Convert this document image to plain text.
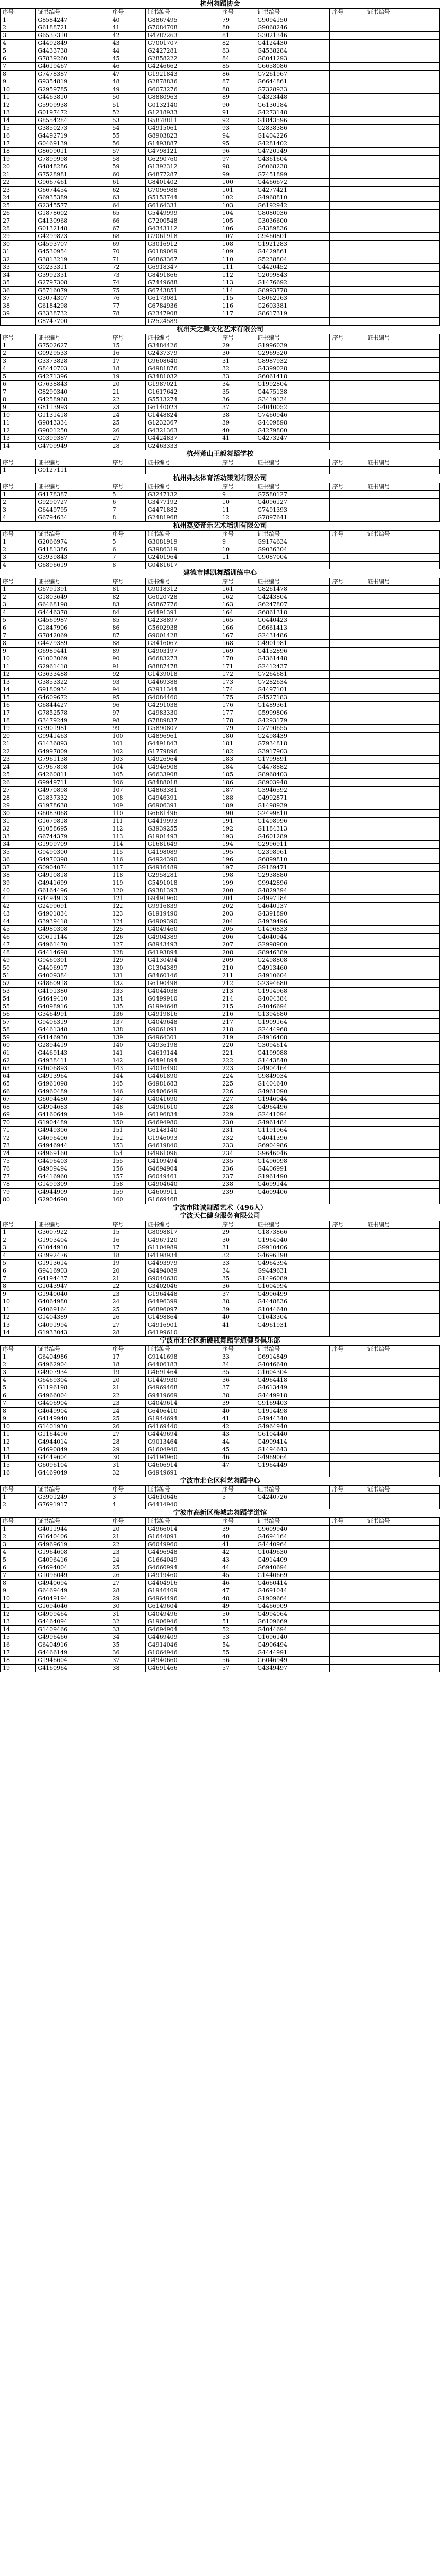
杭州舞蹈协会
序号	证书编号	序号	证书编号	序号	证书编号	序号	证书编号
1	G8584247	40	G8867495	79	G9094150		
2	G6188721	41	G7084708	80	G9068246		
3	G6537310	42	G4787263	81	G3021346		
4	G4492849	43	G7001707	82	G4124430		
5	G4433738	44	G2427281	83	G4538284		
6	G7839260	45	G2858222	84	G8041293		
7	G4619467	46	G4246662	85	G6658086		
8	G7478387	47	G1921843	86	G7261967		
9	G9354819	48	G2878836	87	G6644861		
10	G2959785	49	G6073276	88	G7328933		
11	G4463810	50	G8880963	89	G4323448		
12	G5909938	51	G0132140	90	G6130184		
13	G0197472	52	G1218933	91	G4273148		
14	G8554284	53	G5878811	92	G1843596		
15	G3850273	54	G4915061	93	G2838386		
16	G4492719	55	G8903823	94	G1404226		
17	G0469139	56	G1493887	95	G4281402		
18	G8609011	57	G4798121	96	G4720149		
19	G7899998	58	G6290760	97	G4361604		
20	G4848286	59	G1392312	98	G6068238		
21	G7528981	60	G4877287	99	G7451899		
22	G9667461	61	G8401402	100	G4466672		
23	G6674454	62	G7096988	101	G4277421		
24	G6935389	63	G5153744	102	G4968810		
25	G2345577	64	G6164331	103	G6192942		
26	G1878602	65	G5449999	104	G8080036		
27	G4130968	66	G7200548	105	G3036600		
28	G0132148	67	G4343112	106	G4389836		
29	G4299823	68	G7061918	107	G9460801		
30	G4593707	69	G3016912	108	G1921283		
31	G4530954	70	G0189069	109	G4429861		
32	G3813219	71	G6863367	110	G5238804		
33	G0233311	72	G6918347	111	G4420452		
34	G3992331	73	G8491866	112	G2099843		
35	G2797308	74	G7449688	113	G1476692		
36	G5716079	75	G6743851	114	G8993778		
37	G3074307	76	G6173081	115	G8062163		
38	G6184298	77	G6784936	116	G2603381		
39	G3338732	78	G2347908	117	G8617319		
	G8747700		G2524589				
杭州天之舞文化艺术有限公司
序号	证书编号	序号	证书编号	序号	证书编号	序号	证书编号
1	G7502627	15	G3484426	29	G1996039		
2	G0929533	16	G2437379	30	G2969520		
3	G3373828	17	G9608640	31	G8987932		
4	G8440703	18	G4981876	32	G4399028		
5	G4271396	19	G3481032	33	G6061418		
6	G7638843	20	G1987021	34	G1992804		
7	G8290340	21	G1617642	35	G4475138		
8	G4258968	22	G5513274	36	G3419134		
9	G8113993	23	G6140023	37	G4040052		
10	G1131418	24	G1448824	38	G7460946		
11	G9843334	25	G1232367	39	G4409898		
12	G9001250	26	G4321363	40	G4279800		
13	G0399387	27	G4424837	41	G4273247		
14	G4709949	28	G2463333				
杭州萧山王毅舞蹈学校
序号	证书编号	序号	证书编号	序号	证书编号	序号	证书编号
1	G0127111						
杭州弗杰体育活动策划有限公司
序号	证书编号	序号	证书编号	序号	证书编号	序号	证书编号
1	G4178387	5	G3247132	9	G7580127		
2	G9290727	6	G3477192	10	G4096127		
3	G6449795	7	G4471882	11	G7491393		
4	G6794634	8	G2481968	12	G7897641		
杭州荔姿奇乐艺术培训有限公司
序号	证书编号	序号	证书编号	序号	证书编号	序号	证书编号
1	G2066974	5	G3081919	9	G9174634		
2	G4181386	6	G3986319	10	G9036304		
3	G3939843	7	G2401964	11	G9087004		
4	G6896619	8	G0481617				
建德市博凯舞蹈训练中心
序号	证书编号	序号	证书编号	序号	证书编号	序号	证书编号
1	G6791391	81	G9018312	161	G8261478		
2	G1803649	82	G6020728	162	G4243804		
3	G6468198	83	G5867776	163	G6247807		
4	G4446378	84	G4491391	164	G6861318		
5	G4569987	85	G4238897	165	G0440423		
6	G1847906	86	G5602938	166	G6661413		
7	G7842069	87	G9001428	167	G2431486		
8	G4429389	88	G3416067	168	G4901981		
9	G6989441	89	G4903197	169	G4152896		
10	G1003069	90	G6683273	170	G4361448		
11	G2961418	91	G8887478	171	G2412437		
12	G3633488	92	G1439018	172	G7264681		
13	G3853322	93	G4469388	173	G7282634		
14	G9180934	94	G2911344	174	G4497101		
15	G4609672	95	G4084460	175	G4527183		
16	G6844427	96	G4291038	176	G1489361		
17	G7852578	97	G4983330	177	G5999806		
18	G3479249	98	G7889837	178	G4293179		
19	G3901981	99	G5890807	179	G7790655		
20	G9941463	100	G4896961	180	G2498439		
21	G1436893	101	G4491843	181	G7934818		
22	G4997809	102	G1779896	182	G3917903		
23	G7961138	103	G4926964	183	G1799891		
24	G7967898	104	G4946908	184	G4478882		
25	G4260811	105	G6633908	185	G8968403		
26	G9949711	106	G8488018	186	G8903948		
27	G4970898	107	G4863381	187	G3946592		
28	G1837332	108	G4946391	188	G4992871		
29	G1978638	109	G6906391	189	G1498939		
30	G6083068	110	G6681496	190	G2499810		
31	G1679818	111	G4419993	191	G1498996		
32	G1058695	112	G3939255	192	G1184313		
33	G6744379	113	G1901493	193	G4601289		
34	G1909709	114	G1681649	194	G2996911		
35	G9490300	115	G4198089	195	G2398961		
36	G4970398	116	G4924390	196	G6899810		
37	G0904074	117	G4916489	197	G9169471		
38	G4910818	118	G2958281	198	G2938880		
39	G4941699	119	G5491018	199	G9942896		
40	G6164496	120	G9381393	200	G4829394		
41	G4494913	121	G9491960	201	G4997184		
42	G2499691	122	G9916839	202	G4640137		
43	G4901834	123	G1919490	203	G4391890		
44	G3939418	124	G4909390	204	G4939496		
45	G4980308	125	G4049460	205	G1496833		
46	G0611144	126	G4904389	206	G4640944		
47	G4961470	127	G8943493	207	G2998900		
48	G4414698	128	G4193894	208	G8946389		
49	G9460301	129	G4130494	209	G2498808		
50	G4406917	130	G1304389	210	G4913460		
51	G4009384	131	G8460146	211	G4910604		
52	G4860918	132	G6190498	212	G2394680		
53	G4191380	133	G4044038	213	G1914968		
54	G4649410	134	G0499910	214	G4004384		
55	G4098916	135	G1994648	215	G4046694		
56	G3464991	136	G4919816	216	G1394680		
57	G9406319	137	G4049648	217	G1909164		
58	G4461348	138	G9061091	218	G2444968		
59	G4146930	139	G4964301	219	G4916408		
60	G2894419	140	G4936198	220	G3094614		
61	G4469143	141	G4619144	221	G4199088		
62	G4938411	142	G4491894	222	G1443840		
63	G4606893	143	G4016490	223	G4904464		
64	G4913964	144	G4461890	224	G9849034		
65	G4961098	145	G4981683	225	G1404640		
66	G4960489	146	G9406649	226	G4961090		
67	G6094480	147	G4041690	227	G1946044		
68	G4904683	148	G4961610	228	G4964496		
69	G4160649	149	G6196834	229	G2441094		
70	G1904489	150	G4694980	230	G4961484		
71	G4949306	151	G6148140	231	G1191964		
72	G4696406	152	G1946093	232	G4041396		
73	G4946944	153	G4619840	233	G6904986		
74	G4969160	154	G4961096	234	G9646046		
75	G4496403	155	G4109494	235	G1496098		
76	G4909494	156	G4694904	236	G4406991		
77	G4416960	157	G6049461	237	G1961490		
78	G1499309	158	G4904640	238	G4699144		
79	G4944909	159	G4609911	239	G4609406		
80	G2904690	160	G1669468				
宁波市陆诚舞蹈艺术（496人）
宁波天仁健身服务有限公司
序号	证书编号	序号	证书编号	序号	证书编号	序号	证书编号
1	G3607922	15	G8098817	29	G1873866		
2	G1903404	16	G4967120	30	G1964040		
3	G1044910	17	G1104989	31	G9910406		
4	G3992476	18	G4198934	32	G4696190		
5	G1913614	19	G4493979	33	G4964394		
6	G9416903	20	G4494089	34	G9449631		
7	G4194437	21	G9040630	35	G1496089		
8	G1043947	22	G3402046	36	G1604994		
9	G1940040	23	G1964448	37	G4906499		
10	G4064980	24	G4496399	38	G4448836		
11	G4069164	25	G6896097	39	G1044640		
12	G1404389	26	G1498864	40	G1643304		
13	G4091994	27	G4916901	41	G4961931		
14	G1933043	28	G4199610				
宁波市北仑区新硬瓶舞蹈学道健身俱乐部
序号	证书编号	序号	证书编号	序号	证书编号	序号	证书编号
1	G6404986	17	G9141698	33	G6914849		
2	G4962904	18	G4406183	34	G4046640		
3	G4907934	19	G4691464	35	G1604304		
4	G6469304	20	G1449930	36	G4964418		
5	G1196198	21	G4969468	37	G4613449		
6	G4966004	22	G9419669	38	G4449918		
7	G4406904	23	G4049614	39	G9169403		
8	G4649904	24	G6406410	40	G1914498		
9	G4149940	25	G1944694	41	G4944340		
10	G1401930	26	G4169440	42	G4964940		
11	G1164496	27	G4449694	43	G6104440		
12	G4944014	28	G9013464	44	G4909414		
13	G4690849	29	G1604940	45	G1494643		
14	G4449604	30	G4194960	46	G4969064		
15	G6096104	31	G4606914	47	G1964449		
16	G4469049	32	G4949691				
宁波市北仑区科艺舞蹈中心
序号	证书编号	序号	证书编号	序号	证书编号	序号	证书编号
1	G3901249	3	G4610646	5	G4240726		
2	G7691917	4	G4414940				
宁波市高新区梅城志舞蹈学道馆
序号	证书编号	序号	证书编号	序号	证书编号	序号	证书编号
1	G4011944	20	G4966014	39	G9609940		
2	G1640406	21	G1644091	40	G4694164		
3	G4969619	22	G6049960	41	G4440964		
4	G1964608	23	G4496948	42	G1049630		
5	G4096416	24	G1664049	43	G4914409		
6	G4694004	25	G4660994	44	G6940694		
7	G1096049	26	G4919460	45	G1440669		
8	G4940694	27	G4404916	46	G4660414		
9	G6469449	28	G1946409	47	G4691044		
10	G4049194	29	G4964496	48	G1909664		
11	G1694646	30	G6149604	49	G4466909		
12	G4909464	31	G4049496	50	G4994064		
13	G4464094	32	G1906946	51	G6109669		
14	G1409466	33	G4694904	52	G4044694		
15	G4996466	34	G4469409	53	G1696140		
16	G6404916	35	G4914046	54	G4906494		
17	G4466149	36	G1064946	55	G4444991		
18	G1946604	37	G4940660	56	G6046949		
19	G4160964	38	G4691466	57	G4349497		
